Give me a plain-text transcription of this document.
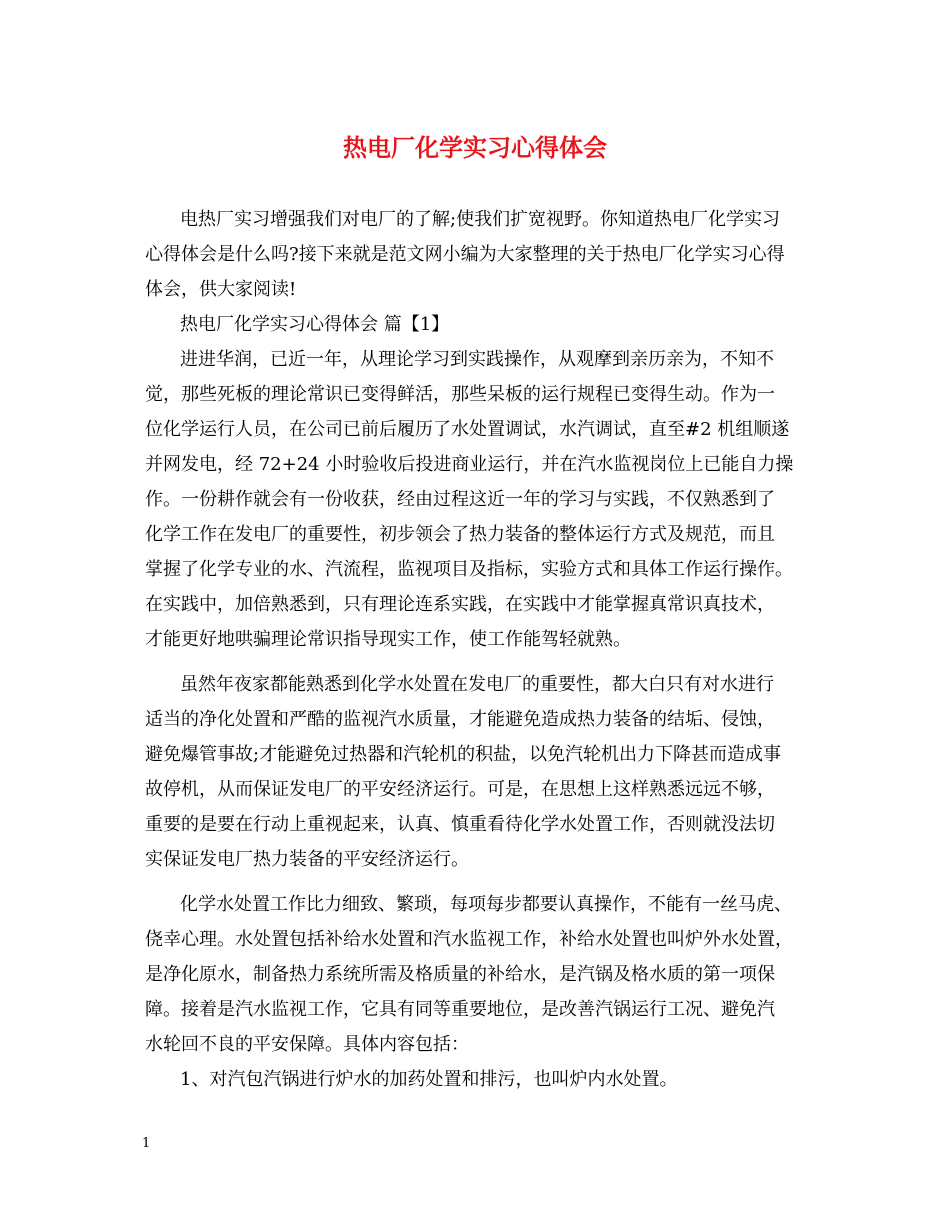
热电厂化学实习心得体会
电热厂实习增强我们对电厂的了解;使我们扩宽视野。你知道热电厂化学实习
心得体会是什么吗?接下来就是范文网小编为大家整理的关于热电厂化学实习心得
体会，供大家阅读!
热电厂化学实习心得体会 篇【1】
进进华润，已近一年，从理论学习到实践操作，从观摩到亲历亲为，不知不
觉，那些死板的理论常识已变得鲜活，那些呆板的运行规程已变得生动。作为一
位化学运行人员，在公司已前后履历了水处置调试，水汽调试，直至#2 机组顺遂
并网发电，经 72+24 小时验收后投进商业运行，并在汽水监视岗位上已能自力操
作。一份耕作就会有一份收获，经由过程这近一年的学习与实践，不仅熟悉到了
化学工作在发电厂的重要性，初步领会了热力装备的整体运行方式及规范，而且
掌握了化学专业的水、汽流程，监视项目及指标，实验方式和具体工作运行操作。
在实践中，加倍熟悉到，只有理论连系实践，在实践中才能掌握真常识真技术，
才能更好地哄骗理论常识指导现实工作，使工作能驾轻就熟。
虽然年夜家都能熟悉到化学水处置在发电厂的重要性，都大白只有对水进行
适当的净化处置和严酷的监视汽水质量，才能避免造成热力装备的结垢、侵蚀，
避免爆管事故;才能避免过热器和汽轮机的积盐，以免汽轮机出力下降甚而造成事
故停机，从而保证发电厂的平安经济运行。可是，在思想上这样熟悉远远不够，
重要的是要在行动上重视起来，认真、慎重看待化学水处置工作，否则就没法切
实保证发电厂热力装备的平安经济运行。
化学水处置工作比力细致、繁琐，每项每步都要认真操作，不能有一丝马虎、
侥幸心理。水处置包括补给水处置和汽水监视工作，补给水处置也叫炉外水处置，
是净化原水，制备热力系统所需及格质量的补给水，是汽锅及格水质的第一项保
障。接着是汽水监视工作，它具有同等重要地位，是改善汽锅运行工况、避免汽
水轮回不良的平安保障。具体内容包括：
1、对汽包汽锅进行炉水的加药处置和排污，也叫炉内水处置。
1
